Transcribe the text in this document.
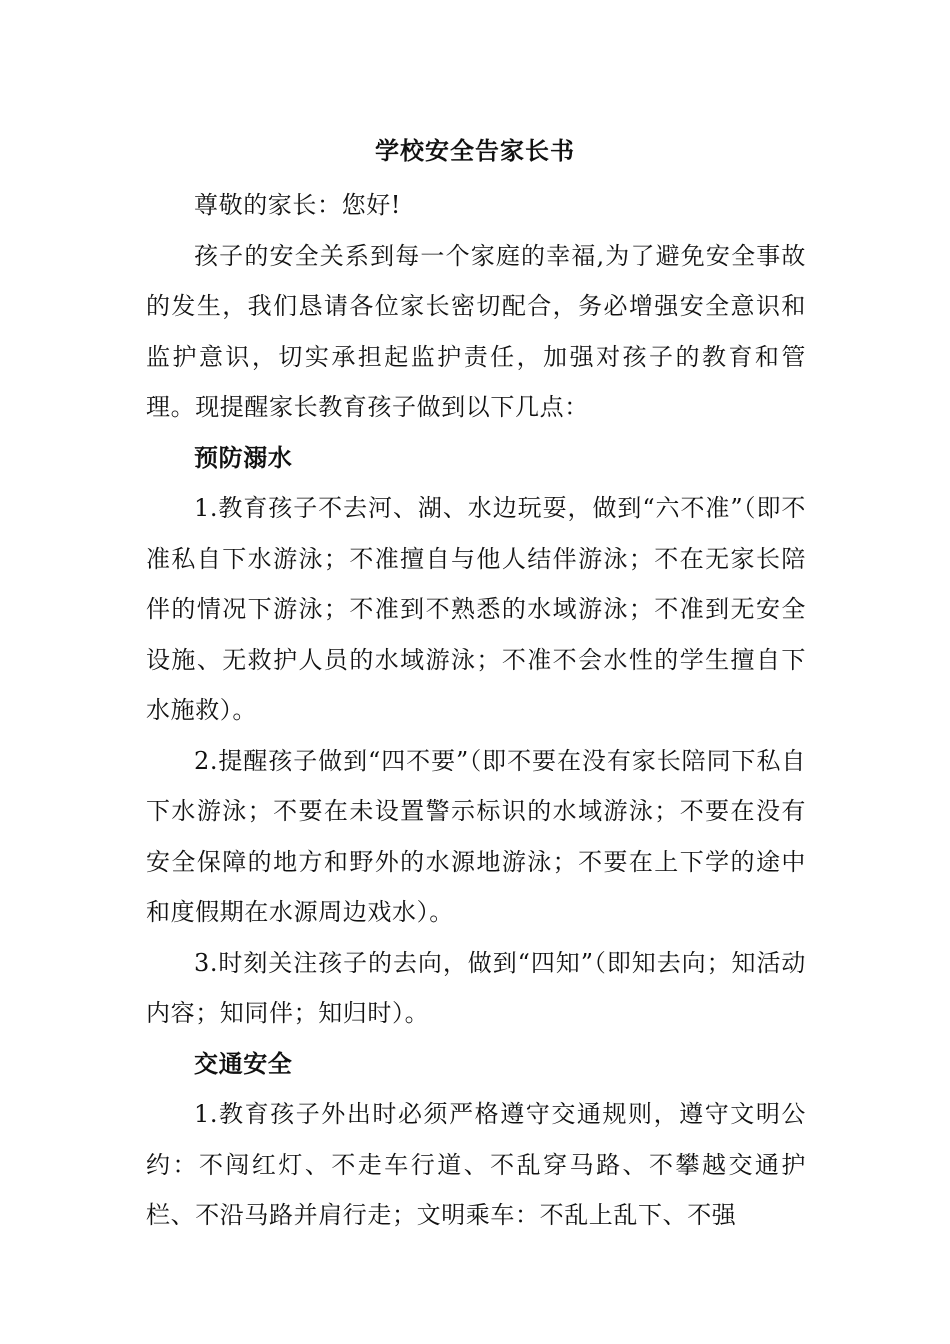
学校安全告家长书

尊敬的家长：您好!

孩子的安全关系到每一个家庭的幸福,为了避免安全事故的发生，我们恳请各位家长密切配合，务必增强安全意识和监护意识，切实承担起监护责任，加强对孩子的教育和管理。现提醒家长教育孩子做到以下几点：

预防溺水

1.教育孩子不去河、湖、水边玩耍，做到“六不准”（即不准私自下水游泳；不准擅自与他人结伴游泳；不在无家长陪伴的情况下游泳；不准到不熟悉的水域游泳；不准到无安全设施、无救护人员的水域游泳；不准不会水性的学生擅自下水施救）。

2.提醒孩子做到“四不要”（即不要在没有家长陪同下私自下水游泳；不要在未设置警示标识的水域游泳；不要在没有安全保障的地方和野外的水源地游泳；不要在上下学的途中和度假期在水源周边戏水）。

3.时刻关注孩子的去向，做到“四知”（即知去向；知活动内容；知同伴；知归时）。

交通安全

1.教育孩子外出时必须严格遵守交通规则，遵守文明公约：不闯红灯、不走车行道、不乱穿马路、不攀越交通护栏、不沿马路并肩行走；文明乘车：不乱上乱下、不强
